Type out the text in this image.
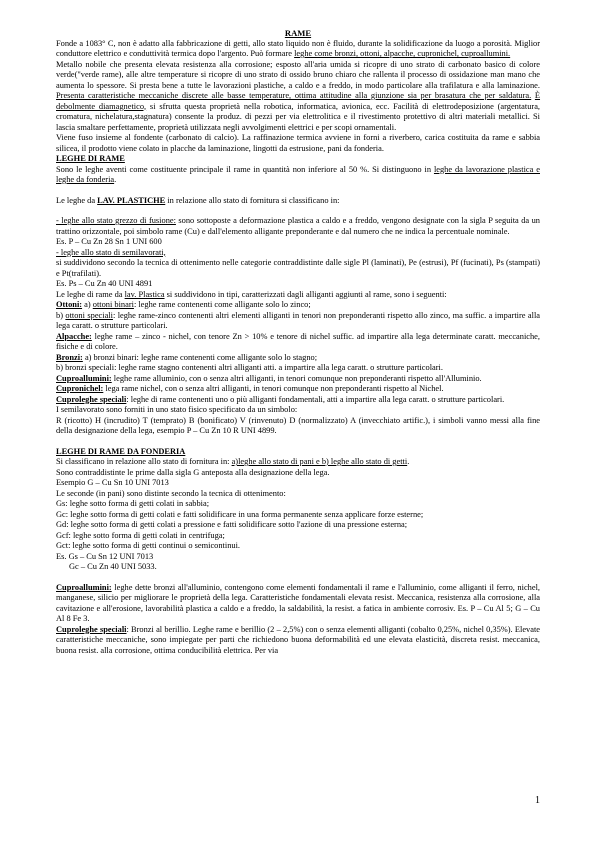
RAME

Fonde a 1083° C, non è adatto alla fabbricazione di getti, allo stato liquido non è fluido, durante la solidificazione da luogo a porosità. Miglior conduttore elettrico e conduttività termica dopo l'argento. Può formare leghe come bronzi, ottoni, alpacche, cupronichel, cuproallumini.

Metallo nobile che presenta elevata resistenza alla corrosione; esposto all'aria umida si ricopre di uno strato di carbonato basico di colore verde("verde rame), alle altre temperature si ricopre di uno strato di ossido bruno chiaro che rallenta il processo di ossidazione man mano che aumenta lo spessore. Si presta bene a tutte le lavorazioni plastiche, a caldo e a freddo, in modo particolare alla trafilatura e alla laminazione. Presenta caratteristiche meccaniche discrete alle basse temperature, ottima attitudine alla giunzione sia per brasatura che per saldatura. È debolmente diamagnetico, si sfrutta questa proprietà nella robotica, informatica, avionica, ecc. Facilità di elettrodeposizione (argentatura, cromatura, nichelatura,stagnatura) consente la produz. di pezzi per via elettrolitica e il rivestimento protettivo di altri materiali metallici. Si lascia smaltare perfettamente, proprietà utilizzata negli avvolgimenti elettrici e per scopi ornamentali.

Viene fuso insieme al fondente (carbonato di calcio). La raffinazione termica avviene in forni a riverbero, carica costituita da rame e sabbia silicea, il prodotto viene colato in placche da laminazione, lingotti da estrusione, pani da fonderia.

LEGHE DI RAME

Sono le leghe aventi come costituente principale il rame in quantità non inferiore al 50 %. Si distinguono in leghe da lavorazione plastica e leghe da fonderia.

Le leghe da LAV. PLASTICHE in relazione allo stato di fornitura si classificano in:

- leghe allo stato grezzo di fusione: sono sottoposte a deformazione plastica a caldo e a freddo, vengono designate con la sigla P seguita da un trattino orizzontale, poi simbolo rame (Cu) e dall'elemento alligante preponderante e dal numero che ne indica la percentuale nominale.

Es. P – Cu Zn 28 Sn 1 UNI 600

- leghe allo stato di semilavorati,

si suddividono secondo la tecnica di ottenimento nelle categorie contraddistinte dalle sigle Pl (laminati), Pe (estrusi), Pf (fucinati), Ps (stampati) e Pt(trafilati).

Es. Ps – Cu Zn 40 UNI 4891

Le leghe di rame da lav. Plastica si suddividono in tipi, caratterizzati dagli alliganti aggiunti al rame, sono i seguenti:

Ottoni: a) ottoni binari: leghe rame contenenti come alligante solo lo zinco;

b) ottoni speciali: leghe rame-zinco contenenti altri elementi alliganti in tenori non preponderanti rispetto allo zinco, ma suffic. a impartire alla lega caratt. o strutture particolari.

Alpacche: leghe rame – zinco - nichel, con tenore Zn > 10% e tenore di nichel suffic. ad impartire alla lega determinate caratt. meccaniche, fisiche e di colore.

Bronzi: a) bronzi binari: leghe rame contenenti come alligante solo lo stagno;

b) bronzi speciali: leghe rame stagno contenenti altri alliganti atti. a impartire alla lega caratt. o strutture particolari.

Cuproallumini: leghe rame alluminio, con o senza altri alliganti, in tenori comunque non preponderanti rispetto all'Alluminio.

Cupronichel: lega rame nichel, con o senza altri alliganti, in tenori comunque non preponderanti rispetto al Nichel.

Cuproleghe speciali: leghe di rame contenenti uno o più alliganti fondamentali, atti a impartire alla lega caratt. o strutture particolari.

I semilavorato sono forniti in uno stato fisico specificato da un simbolo:

R (ricotto) H (incrudito) T (temprato) B (bonificato) V (rinvenuto) D (normalizzato) A (invecchiato artific.), i simboli vanno messi alla fine della designazione della lega, esempio P – Cu Zn 10 R UNI 4899.

LEGHE DI RAME DA FONDERIA

Si classificano in relazione allo stato di fornitura in: a)leghe allo stato di pani e b) leghe allo stato di getti.

Sono contraddistinte le prime dalla sigla G anteposta alla designazione della lega.

Esempio G – Cu Sn 10 UNI 7013

Le seconde (in pani) sono distinte secondo la tecnica di ottenimento:

Gs: leghe sotto forma di getti colati in sabbia;

Gc: leghe sotto forma di getti colati e fatti solidificare in una forma permanente senza applicare forze esterne;

Gd: leghe sotto forma di getti colati a pressione e fatti solidificare sotto l'azione di una pressione esterna;

Gcf: leghe sotto forma di getti colati in centrifuga;

Gct: leghe sotto forma di getti continui o semicontinui.

Es. Gs – Cu Sn 12 UNI 7013

Gc – Cu Zn 40 UNI 5033.

Cuproallumini: leghe dette bronzi all'alluminio, contengono come elementi fondamentali il rame e l'alluminio, come alliganti il ferro, nichel, manganese, silicio per migliorare le proprietà della lega. Caratteristiche fondamentali elevata resist. Meccanica, resistenza alla corrosione, alla cavitazione e all'erosione, lavorabilità plastica a caldo e a freddo, la saldabilità, la resist. a fatica in ambiente corrosiv. Es. P – Cu Al 5; G – Cu Al 8 Fe 3.

Cuproleghe speciali: Bronzi al berillio. Leghe rame e berillio (2 – 2,5%) con o senza elementi alliganti (cobalto 0,25%, nichel 0,35%). Elevate caratteristiche meccaniche, sono impiegate per parti che richiedono buona deformabilità ed une elevata elasticità, discreta resist. meccanica, buona resist. alla corrosione, ottima conducibilità elettrica. Per via

1
